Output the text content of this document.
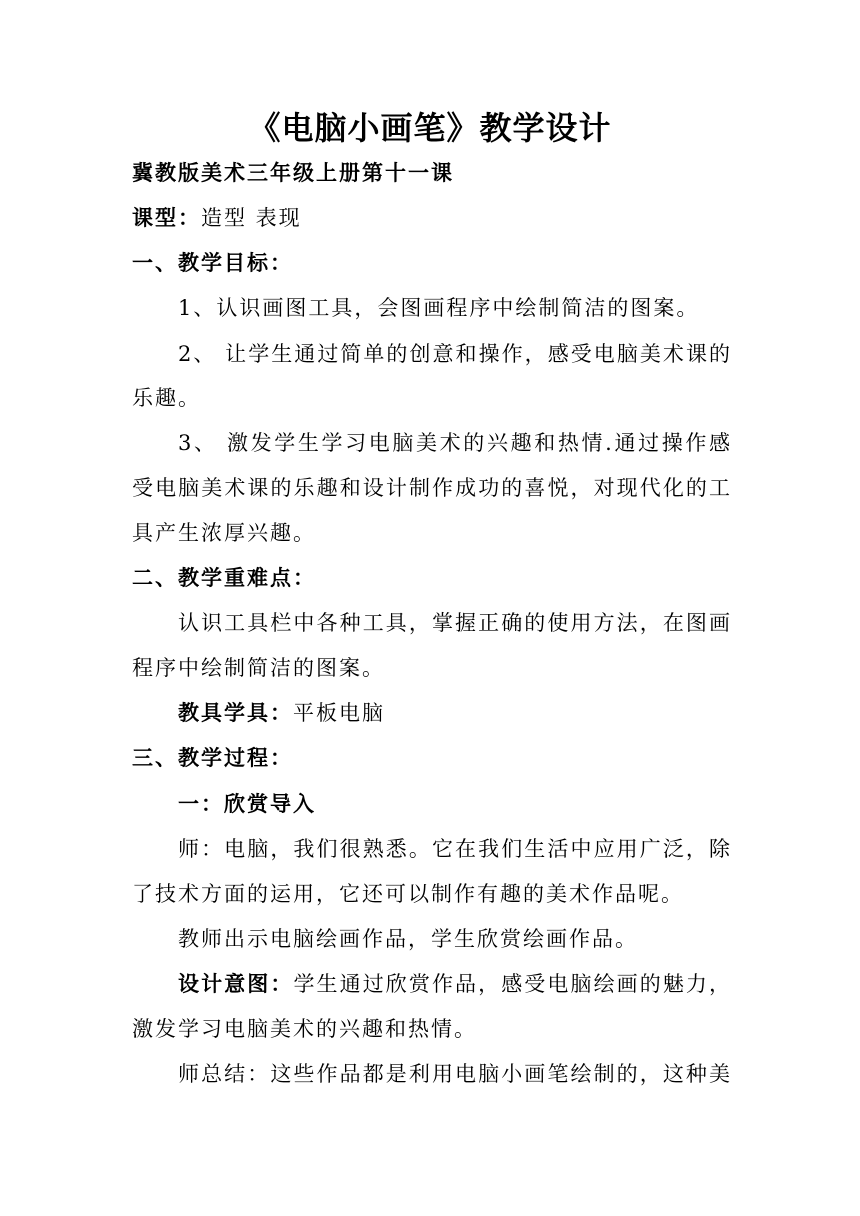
《电脑小画笔》教学设计
冀教版美术三年级上册第十一课
课型：造型 表现
一、教学目标：
1、认识画图工具，会图画程序中绘制简洁的图案。
2、 让学生通过简单的创意和操作，感受电脑美术课的
乐趣。
3、 激发学生学习电脑美术的兴趣和热情.通过操作感
受电脑美术课的乐趣和设计制作成功的喜悦，对现代化的工
具产生浓厚兴趣。
二、教学重难点：
认识工具栏中各种工具，掌握正确的使用方法，在图画
程序中绘制简洁的图案。
教具学具：平板电脑
三、教学过程：
一：欣赏导入
师：电脑，我们很熟悉。它在我们生活中应用广泛，除
了技术方面的运用，它还可以制作有趣的美术作品呢。
教师出示电脑绘画作品，学生欣赏绘画作品。
设计意图：学生通过欣赏作品，感受电脑绘画的魅力，
激发学习电脑美术的兴趣和热情。
师总结：这些作品都是利用电脑小画笔绘制的，这种美
